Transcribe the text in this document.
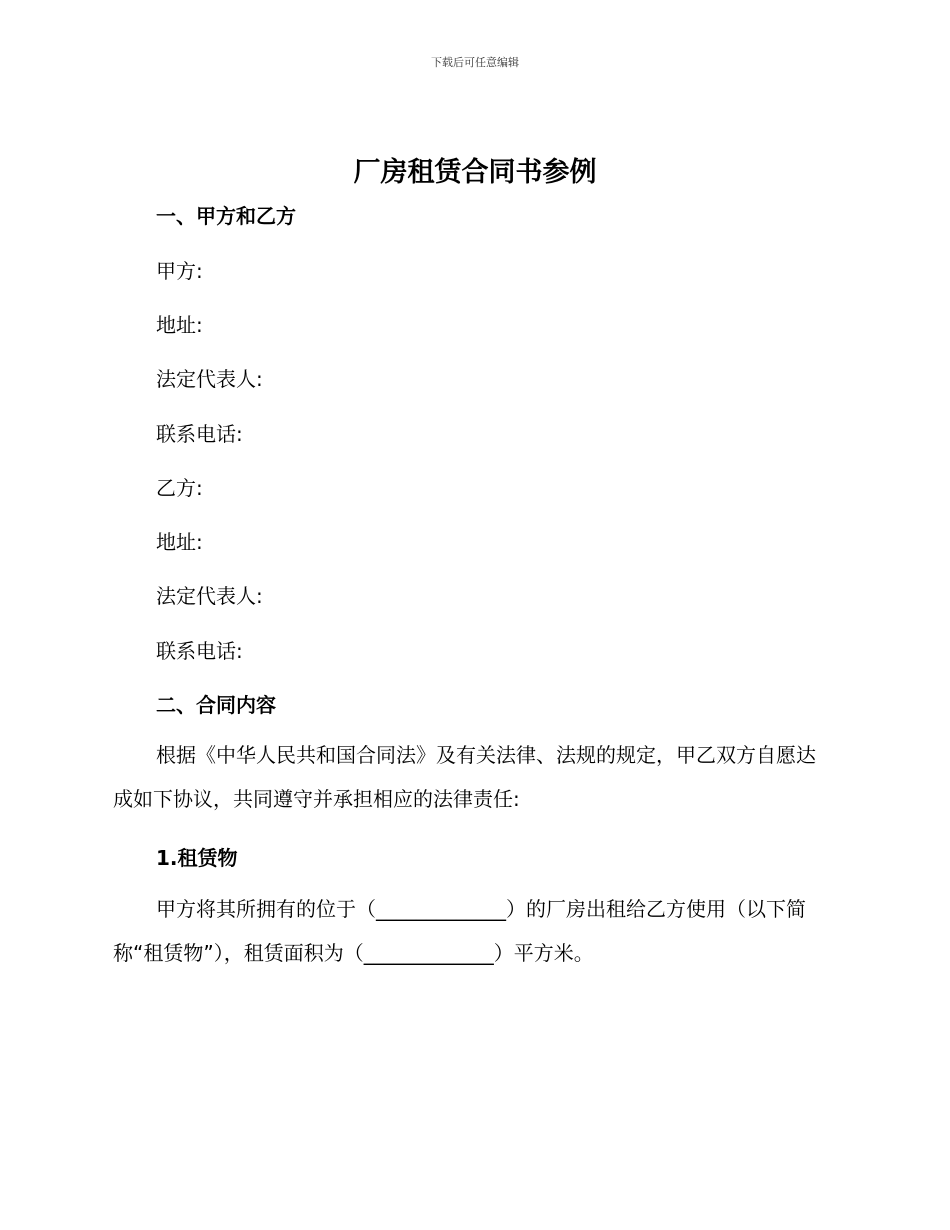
下载后可任意编辑
厂房租赁合同书参例
一、甲方和乙方
甲方:
地址:
法定代表人:
联系电话:
乙方:
地址:
法定代表人:
联系电话:
二、合同内容
根据《中华人民共和国合同法》及有关法律、法规的规定，甲乙双方自愿达成如下协议，共同遵守并承担相应的法律责任:
1.租赁物
甲方将其所拥有的位于（_____________）的厂房出租给乙方使用（以下简称“租赁物”），租赁面积为（_____________）平方米。
